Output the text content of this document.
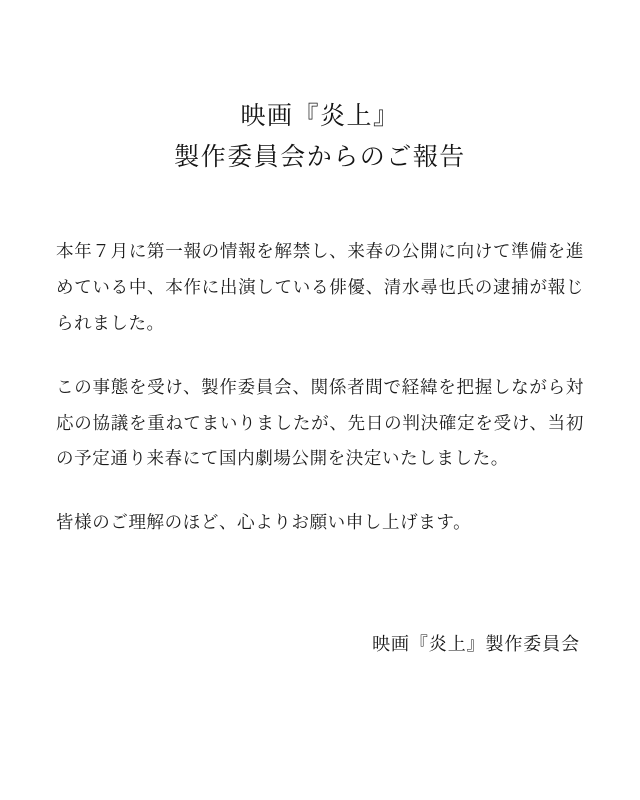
映画『炎上』
製作委員会からのご報告

本年７月に第一報の情報を解禁し、来春の公開に向けて準備を進めている中、本作に出演している俳優、清水尋也氏の逮捕が報じられました。

この事態を受け、製作委員会、関係者間で経緯を把握しながら対応の協議を重ねてまいりましたが、先日の判決確定を受け、当初の予定通り来春にて国内劇場公開を決定いたしました。

皆様のご理解のほど、心よりお願い申し上げます。

映画『炎上』製作委員会
